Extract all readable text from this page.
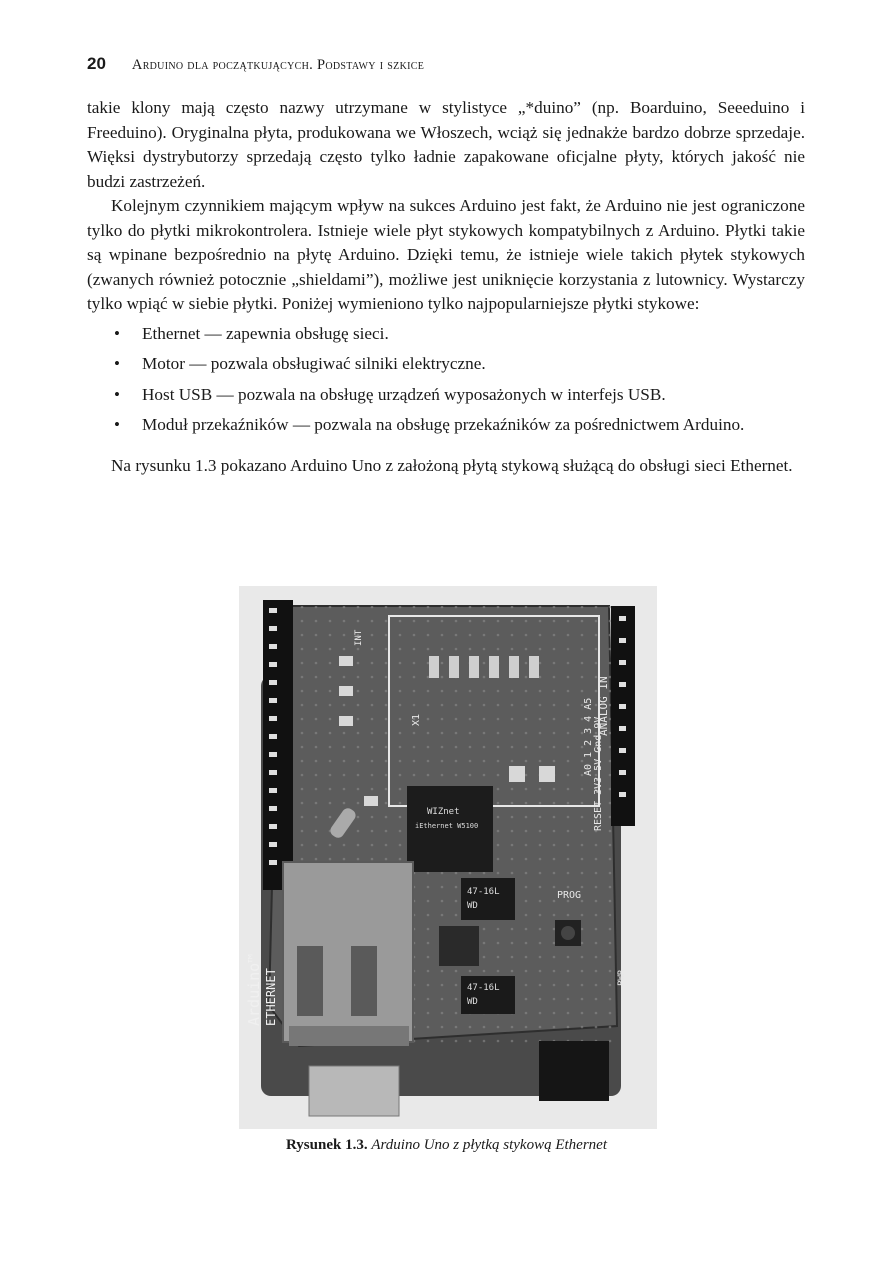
20 Arduino dla początkujących. Podstawy i szkice

takie klony mają często nazwy utrzymane w stylistyce „*duino” (np. Boarduino, Seeeduino i Freeduino). Oryginalna płyta, produkowana we Włoszech, wciąż się jednakże bardzo dobrze sprzedaje. Więksi dystrybutorzy sprzedają często tylko ładnie zapakowane oficjalne płyty, których jakość nie budzi zastrzeżeń.

Kolejnym czynnikiem mającym wpływ na sukces Arduino jest fakt, że Arduino nie jest ograniczone tylko do płytki mikrokontrolera. Istnieje wiele płyt stykowych kompatybilnych z Arduino. Płytki takie są wpinane bezpośrednio na płytę Arduino. Dzięki temu, że istnieje wiele takich płytek stykowych (zwanych również potocznie „shieldami”), możliwe jest uniknięcie korzystania z lutownicy. Wystarczy tylko wpiąć w siebie płytki. Poniżej wymieniono tylko najpopularniejsze płytki stykowe:

• Ethernet — zapewnia obsługę sieci.
• Motor — pozwala obsługiwać silniki elektryczne.
• Host USB — pozwala na obsługę urządzeń wyposażonych w interfejs USB.
• Moduł przekaźników — pozwala na obsługę przekaźników za pośrednictwem Arduino.

Na rysunku 1.3 pokazano Arduino Uno z założoną płytą stykową służącą do obsługi sieci Ethernet.

ANALOG IN
A0 1 2 3 4 A5 RESET 3V3 5V Gnd 9V
X1
INT
WIZnet
iEthernet W5100
47-16L
WD
47-16L
WD
PROG
PWR
Arduino™ ETHERNET
Rysunek 1.3. Arduino Uno z płytką stykową Ethernet
